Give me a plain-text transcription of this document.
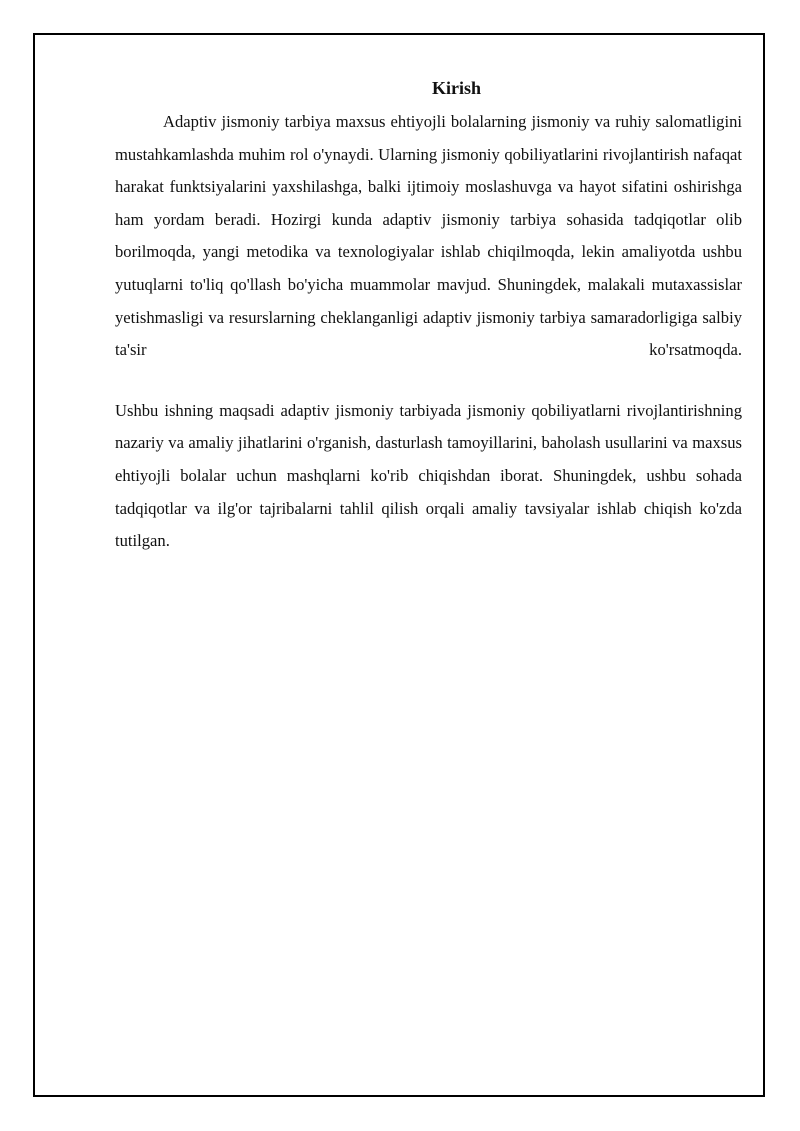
Kirish

Adaptiv jismoniy tarbiya maxsus ehtiyojli bolalarning jismoniy va ruhiy salomatligini mustahkamlashda muhim rol o'ynaydi. Ularning jismoniy qobiliyatlarini rivojlantirish nafaqat harakat funktsiyalarini yaxshilashga, balki ijtimoiy moslashuvga va hayot sifatini oshirishga ham yordam beradi. Hozirgi kunda adaptiv jismoniy tarbiya sohasida tadqiqotlar olib borilmoqda, yangi metodika va texnologiyalar ishlab chiqilmoqda, lekin amaliyotda ushbu yutuqlarni to'liq qo'llash bo'yicha muammolar mavjud. Shuningdek, malakali mutaxassislar yetishmasligi va resurslarning cheklanganligi adaptiv jismoniy tarbiya samaradorligiga salbiy ta'sir ko'rsatmoqda.

Ushbu ishning maqsadi adaptiv jismoniy tarbiyada jismoniy qobiliyatlarni rivojlantirishning nazariy va amaliy jihatlarini o'rganish, dasturlash tamoyillarini, baholash usullarini va maxsus ehtiyojli bolalar uchun mashqlarni ko'rib chiqishdan iborat. Shuningdek, ushbu sohada tadqiqotlar va ilg'or tajribalarni tahlil qilish orqali amaliy tavsiyalar ishlab chiqish ko'zda tutilgan.
